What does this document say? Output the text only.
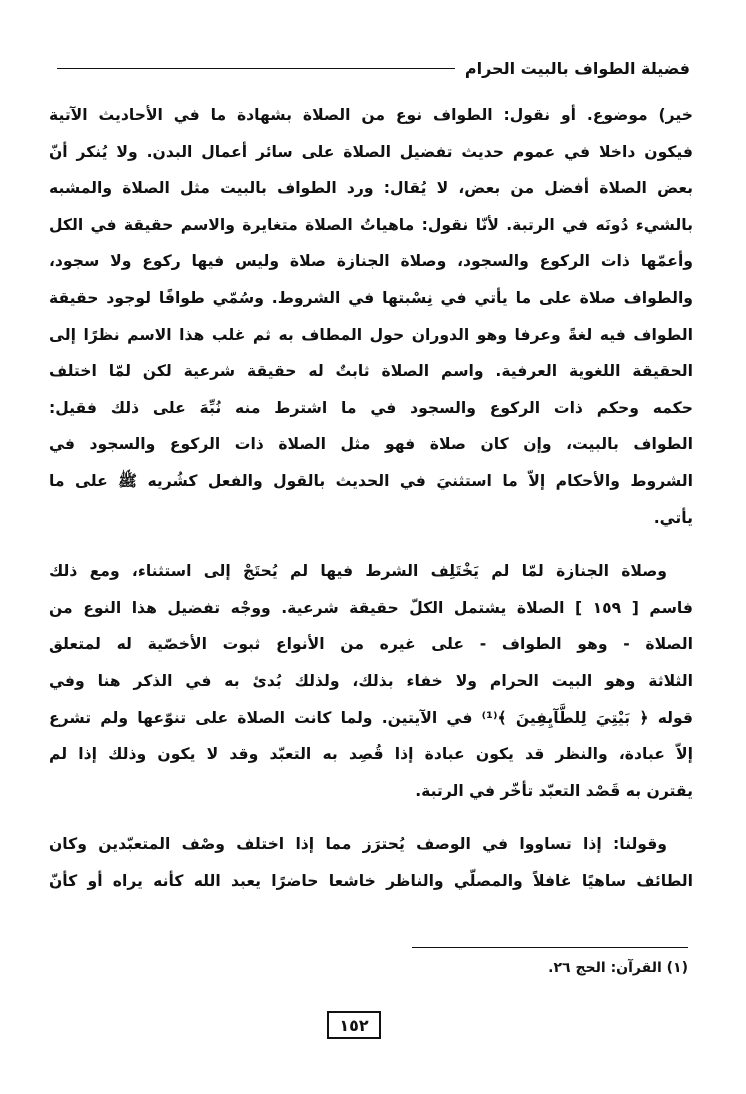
فضيلة الطواف بالبيت الحرام
خير) موضوع. أو نقول: الطواف نوع من الصلاة بشهادة ما في الأحاديث الآتية
فيكون داخلا في عموم حديث تفضيل الصلاة على سائر أعمال البدن. ولا يُنكر أنّ
بعض الصلاة أفضل من بعض، لا يُقال: ورد الطواف بالبيت مثل الصلاة والمشبه
بالشيء دُونَه في الرتبة. لأنّا نقول: ماهياتُ الصلاة متغايرة والاسم حقيقة في الكل
وأعمّها ذات الركوع والسجود، وصلاة الجنازة صلاة وليس فيها ركوع ولا سجود،
والطواف صلاة على ما يأتي في نِسْبتها في الشروط. وسُمّي طوافًا لوجود حقيقة
الطواف فيه لغةً وعرفا وهو الدوران حول المطاف به ثم غلب هذا الاسم نظرًا إلى
الحقيقة اللغوية العرفية. واسم الصلاة ثابتٌ له حقيقة شرعية لكن لمّا اختلف
حكمه وحكم ذات الركوع والسجود في ما اشترط منه نُبِّهَ على ذلك فقيل:
الطواف بالبيت، وإن كان صلاة فهو مثل الصلاة ذات الركوع والسجود في
الشروط والأحكام إلاّ ما استثنيَ في الحديث بالقول والفعل كشُريه ﷺ على ما
يأتي.
وصلاة الجنازة لمّا لم يَخْتَلِف الشرط فيها لم يُحتَجْ إلى استثناء، ومع ذلك
فاسم [ ١٥٩ ] الصلاة يشتمل الكلّ حقيقة شرعية. ووجْه تفضيل هذا النوع من
الصلاة - وهو الطواف - على غيره من الأنواع ثبوت الأخصّية له لمتعلق
الثلاثة وهو البيت الحرام ولا خفاء بذلك، ولذلك بُدئ به في الذكر هنا وفي
قوله ﴿ بَيْتِيَ لِلطَّآيِفِينَ ﴾⁽¹⁾ في الآيتين. ولما كانت الصلاة على تنوّعها ولم تشرع
إلاّ عبادة، والنظر قد يكون عبادة إذا قُصِد به التعبّد وقد لا يكون وذلك إذا لم
يقترن به قَصْد التعبّد تأخّر في الرتبة.
وقولنا: إذا تساووا في الوصف يُحترَز مما إذا اختلف وصْف المتعبّدين وكان
الطائف ساهيًا غافلاً والمصلّي والناظر خاشعا حاضرًا يعبد الله كأنه يراه أو كأنّ
(١) القرآن: الحج ٢٦.
١٥٢
